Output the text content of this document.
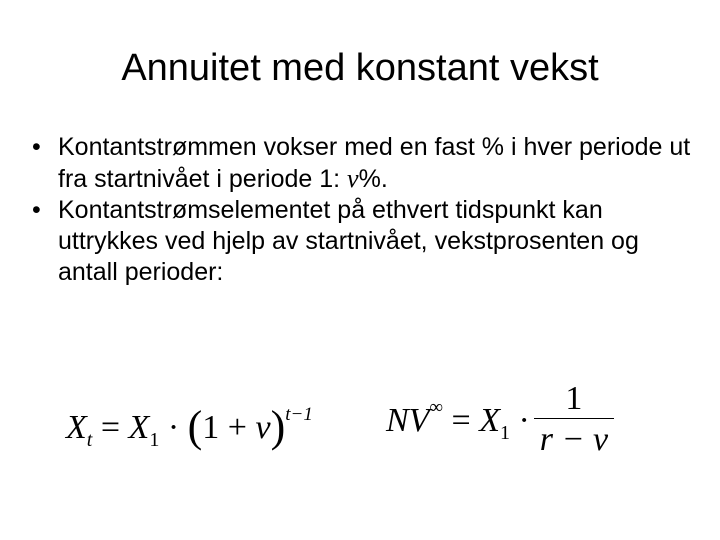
Annuitet med konstant vekst
• Kontantstrømmen vokser med en fast % i hver periode ut fra startnivået i periode 1: v%.
• Kontantstrømselementet på ethvert tidspunkt kan uttrykkes ved hjelp av startnivået, vekstprosenten og antall perioder:
$X_t = X_1 \cdot (1 + v)^{t-1}$ $NV^\infty = X_1 \cdot \frac{1}{r - v}$
